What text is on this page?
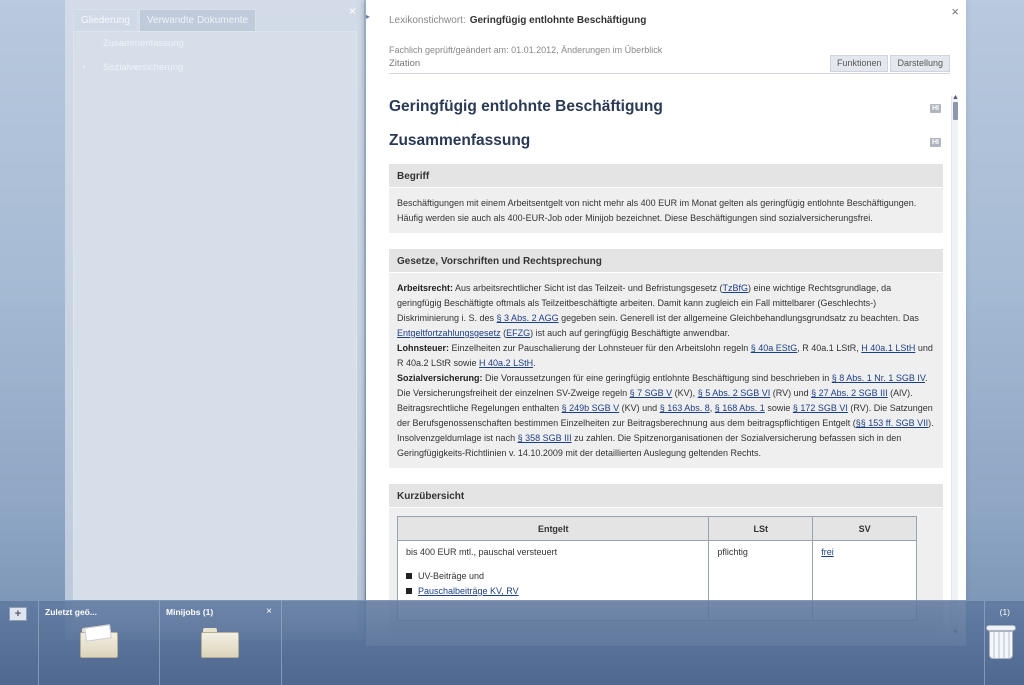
×
Gliederung	Verwandte Dokumente
Zusammenfassung
▸ Sozialversicherung
▸	×
Lexikonstichwort: Geringfügig entlohnte Beschäftigung
Fachlich geprüft/geändert am: 01.01.2012, Änderungen im Überblick
Zitation	Funktionen	Darstellung
▲
Geringfügig entlohnte Beschäftigung	HI
Zusammenfassung	HI
Begriff
Beschäftigungen mit einem Arbeitsentgelt von nicht mehr als 400 EUR im Monat gelten als geringfügig entlohnte Beschäftigungen. Häufig werden sie auch als 400-EUR-Job oder Minijob bezeichnet. Diese Beschäftigungen sind sozialversicherungsfrei.
Gesetze, Vorschriften und Rechtsprechung
Arbeitsrecht: Aus arbeitsrechtlicher Sicht ist das Teilzeit- und Befristungsgesetz (TzBfG) eine wichtige Rechtsgrundlage, da geringfügig Beschäftigte oftmals als Teilzeitbeschäftigte arbeiten. Damit kann zugleich ein Fall mittelbarer (Geschlechts-) Diskriminierung i. S. des § 3 Abs. 2 AGG gegeben sein. Generell ist der allgemeine Gleichbehandlungsgrundsatz zu beachten. Das Entgeltfortzahlungsgesetz (EFZG) ist auch auf geringfügig Beschäftigte anwendbar.
Lohnsteuer: Einzelheiten zur Pauschalierung der Lohnsteuer für den Arbeitslohn regeln § 40a EStG, R 40a.1 LStR, H 40a.1 LStH und R 40a.2 LStR sowie H 40a.2 LStH.
Sozialversicherung: Die Voraussetzungen für eine geringfügig entlohnte Beschäftigung sind beschrieben in § 8 Abs. 1 Nr. 1 SGB IV. Die Versicherungsfreiheit der einzelnen SV-Zweige regeln § 7 SGB V (KV), § 5 Abs. 2 SGB VI (RV) und § 27 Abs. 2 SGB III (AlV). Beitragsrechtliche Regelungen enthalten § 249b SGB V (KV) und § 163 Abs. 8, § 168 Abs. 1 sowie § 172 SGB VI (RV). Die Satzungen der Berufsgenossenschaften bestimmen Einzelheiten zur Beitragsberechnung aus dem beitragspflichtigen Entgelt (§§ 153 ff. SGB VII). Insolvenzgeldumlage ist nach § 358 SGB III zu zahlen. Die Spitzenorganisationen der Sozialversicherung befassen sich in den Geringfügigkeits-Richtlinien v. 14.10.2009 mit der detaillierten Auslegung geltenden Rechts.
Kurzübersicht
Entgelt	LSt	SV

bis 400 EUR mtl., pauschal versteuert
UV-Beiträge und
Pauschalbeiträge KV, RV	pflichtig	frei
+	Zuletzt geö...	Minijobs (1)	×	(1)
